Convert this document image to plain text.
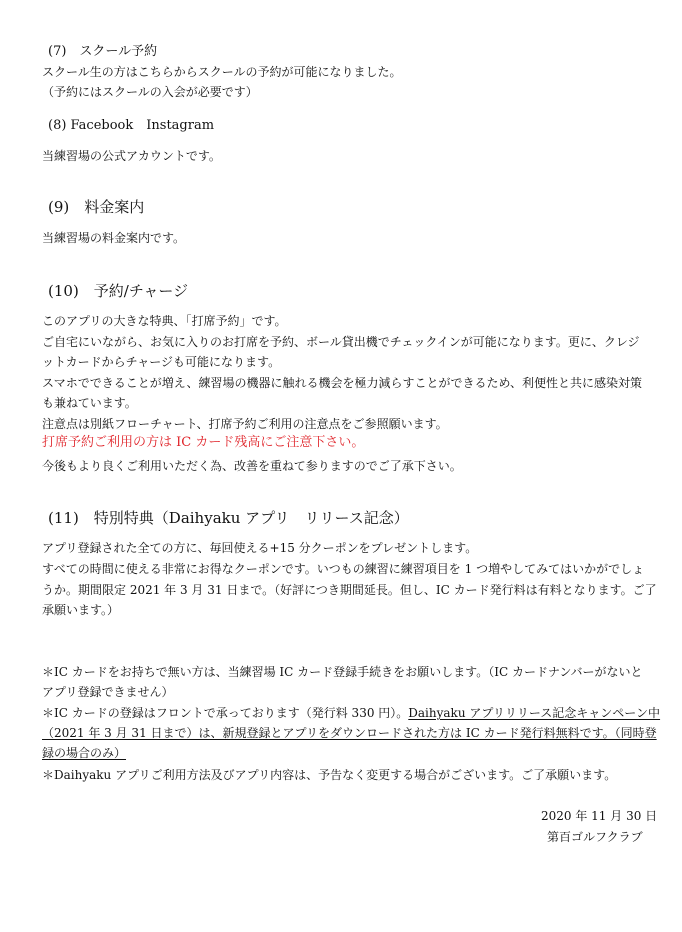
(7)　スクール予約
スクール生の方はこちらからスクールの予約が可能になりました。
（予約にはスクールの入会が必要です）
(8) Facebook　Instagram
当練習場の公式アカウントです。
(9)　料金案内
当練習場の料金案内です。
(10)　予約/チャージ
このアプリの大きな特典、「打席予約」です。
ご自宅にいながら、お気に入りのお打席を予約、ボール貸出機でチェックインが可能になります。更に、クレジ
ットカードからチャージも可能になります。
スマホでできることが増え、練習場の機器に触れる機会を極力減らすことができるため、利便性と共に感染対策
も兼ねています。
注意点は別紙フローチャート、打席予約ご利用の注意点をご参照願います。
打席予約ご利用の方は IC カード残高にご注意下さい。
今後もより良くご利用いただく為、改善を重ねて参りますのでご了承下さい。
(11)　特別特典（Daihyaku アプリ　リリース記念）
アプリ登録された全ての方に、毎回使える+15 分クーポンをプレゼントします。
すべての時間に使える非常にお得なクーポンです。いつもの練習に練習項目を 1 つ増やしてみてはいかがでしょ
うか。期間限定 2021 年 3 月 31 日まで。（好評につき期間延長。但し、IC カード発行料は有料となります。ご了
承願います。）
＊IC カードをお持ちで無い方は、当練習場 IC カード登録手続きをお願いします。（IC カードナンバーがないと
アプリ登録できません）
＊IC カードの登録はフロントで承っております（発行料 330 円）。Daihyaku アプリリリース記念キャンペーン中
（2021 年 3 月 31 日まで）は、新規登録とアプリをダウンロードされた方は IC カード発行料無料です。（同時登
録の場合のみ）
＊Daihyaku アプリご利用方法及びアプリ内容は、予告なく変更する場合がございます。ご了承願います。
2020 年 11 月 30 日
第百ゴルフクラブ
